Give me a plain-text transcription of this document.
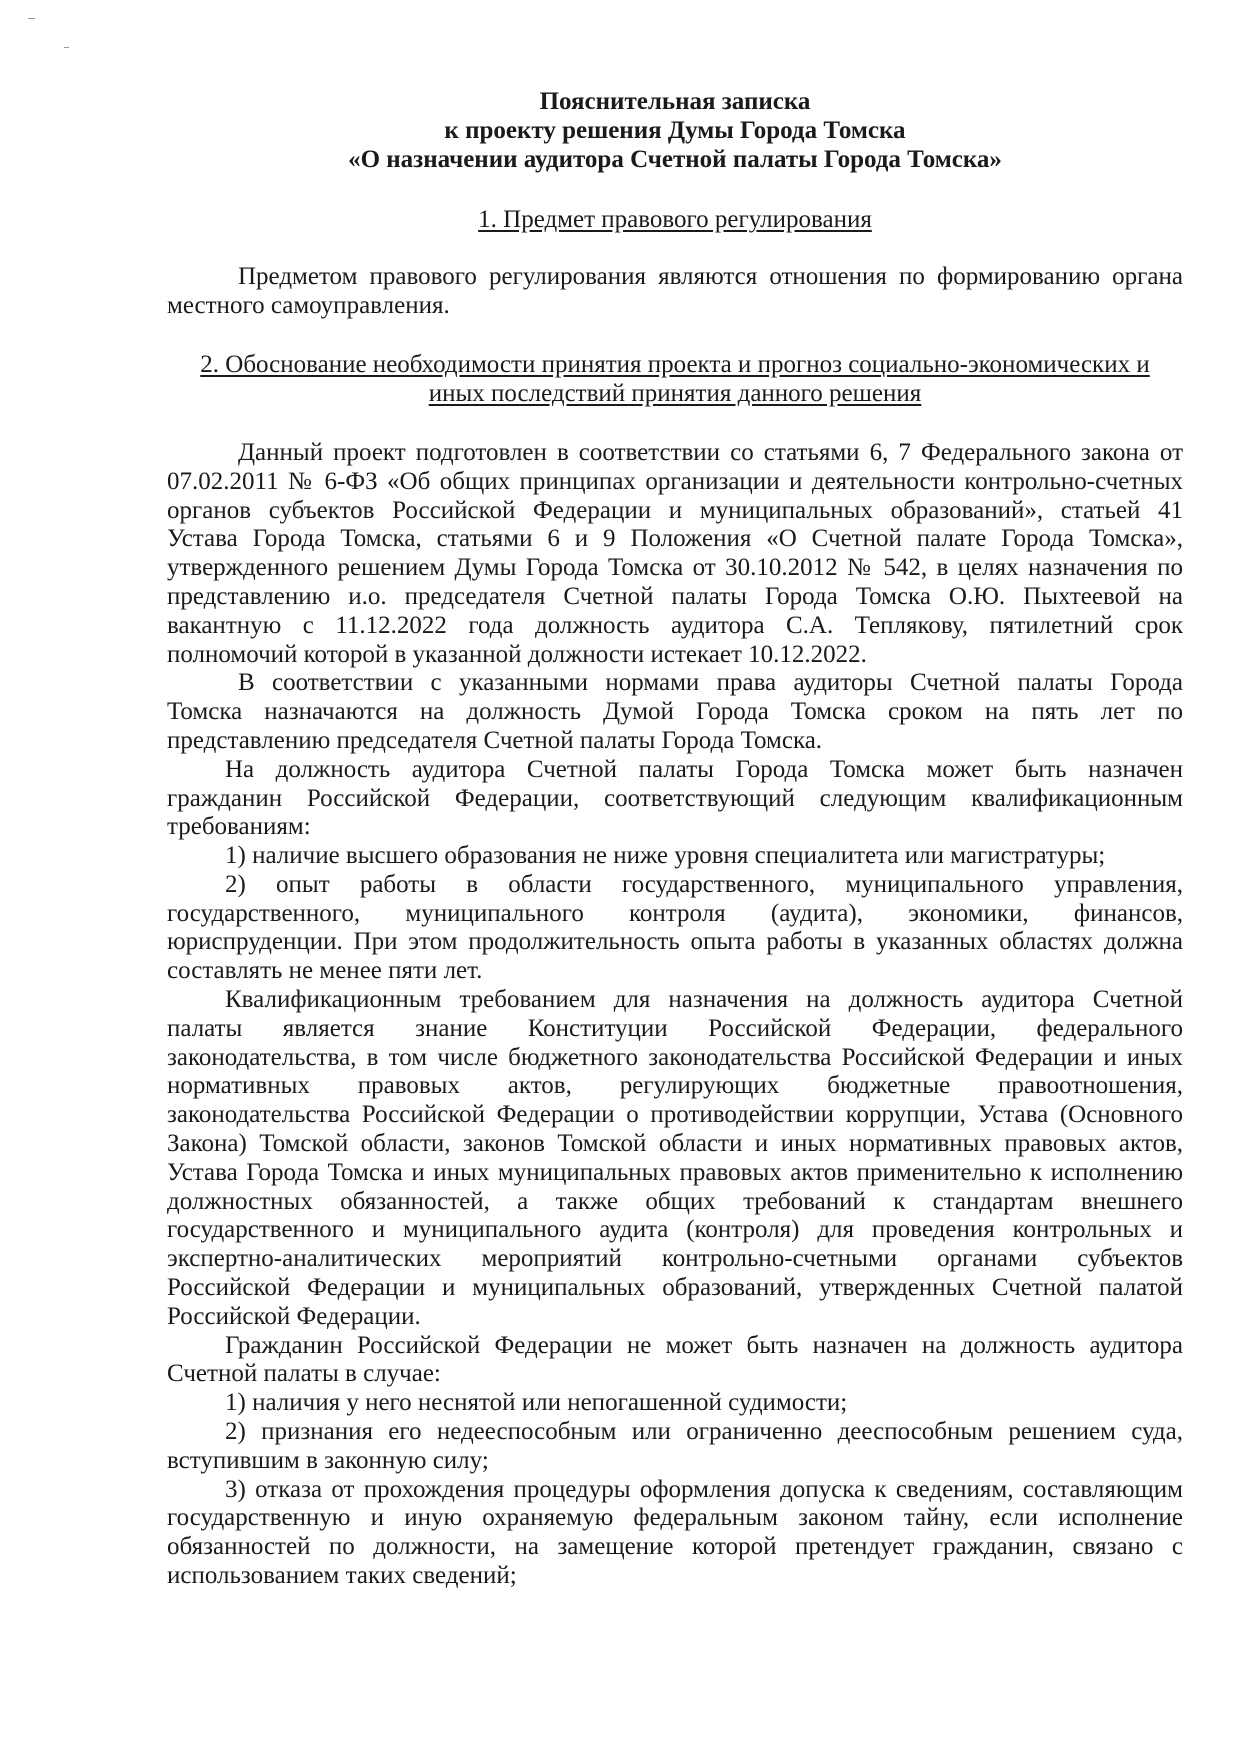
Пояснительная записка
к проекту решения Думы Города Томска
«О назначении аудитора Счетной палаты Города Томска»
1. Предмет правового регулирования
Предметом правового регулирования являются отношения по формированию органа
местного самоуправления.
2. Обоснование необходимости принятия проекта и прогноз социально-экономических и
иных последствий принятия данного решения
Данный проект подготовлен в соответствии со статьями 6, 7 Федерального закона от
07.02.2011 № 6-ФЗ «Об общих принципах организации и деятельности контрольно-счетных
органов субъектов Российской Федерации и муниципальных образований», статьей 41
Устава Города Томска, статьями 6 и 9 Положения «О Счетной палате Города Томска»,
утвержденного решением Думы Города Томска от 30.10.2012 № 542, в целях назначения по
представлению и.о. председателя Счетной палаты Города Томска О.Ю. Пыхтеевой на
вакантную с 11.12.2022 года должность аудитора С.А. Теплякову, пятилетний срок
полномочий которой в указанной должности истекает 10.12.2022.
В соответствии с указанными нормами права аудиторы Счетной палаты Города
Томска назначаются на должность Думой Города Томска сроком на пять лет по
представлению председателя Счетной палаты Города Томска.
На должность аудитора Счетной палаты Города Томска может быть назначен
гражданин Российской Федерации, соответствующий следующим квалификационным
требованиям:
1) наличие высшего образования не ниже уровня специалитета или магистратуры;
2) опыт работы в области государственного, муниципального управления,
государственного, муниципального контроля (аудита), экономики, финансов,
юриспруденции. При этом продолжительность опыта работы в указанных областях должна
составлять не менее пяти лет.
Квалификационным требованием для назначения на должность аудитора Счетной
палаты является знание Конституции Российской Федерации, федерального
законодательства, в том числе бюджетного законодательства Российской Федерации и иных
нормативных правовых актов, регулирующих бюджетные правоотношения,
законодательства Российской Федерации о противодействии коррупции, Устава (Основного
Закона) Томской области, законов Томской области и иных нормативных правовых актов,
Устава Города Томска и иных муниципальных правовых актов применительно к исполнению
должностных обязанностей, а также общих требований к стандартам внешнего
государственного и муниципального аудита (контроля) для проведения контрольных и
экспертно-аналитических мероприятий контрольно-счетными органами субъектов
Российской Федерации и муниципальных образований, утвержденных Счетной палатой
Российской Федерации.
Гражданин Российской Федерации не может быть назначен на должность аудитора
Счетной палаты в случае:
1) наличия у него неснятой или непогашенной судимости;
2) признания его недееспособным или ограниченно дееспособным решением суда,
вступившим в законную силу;
3) отказа от прохождения процедуры оформления допуска к сведениям, составляющим
государственную и иную охраняемую федеральным законом тайну, если исполнение
обязанностей по должности, на замещение которой претендует гражданин, связано с
использованием таких сведений;
